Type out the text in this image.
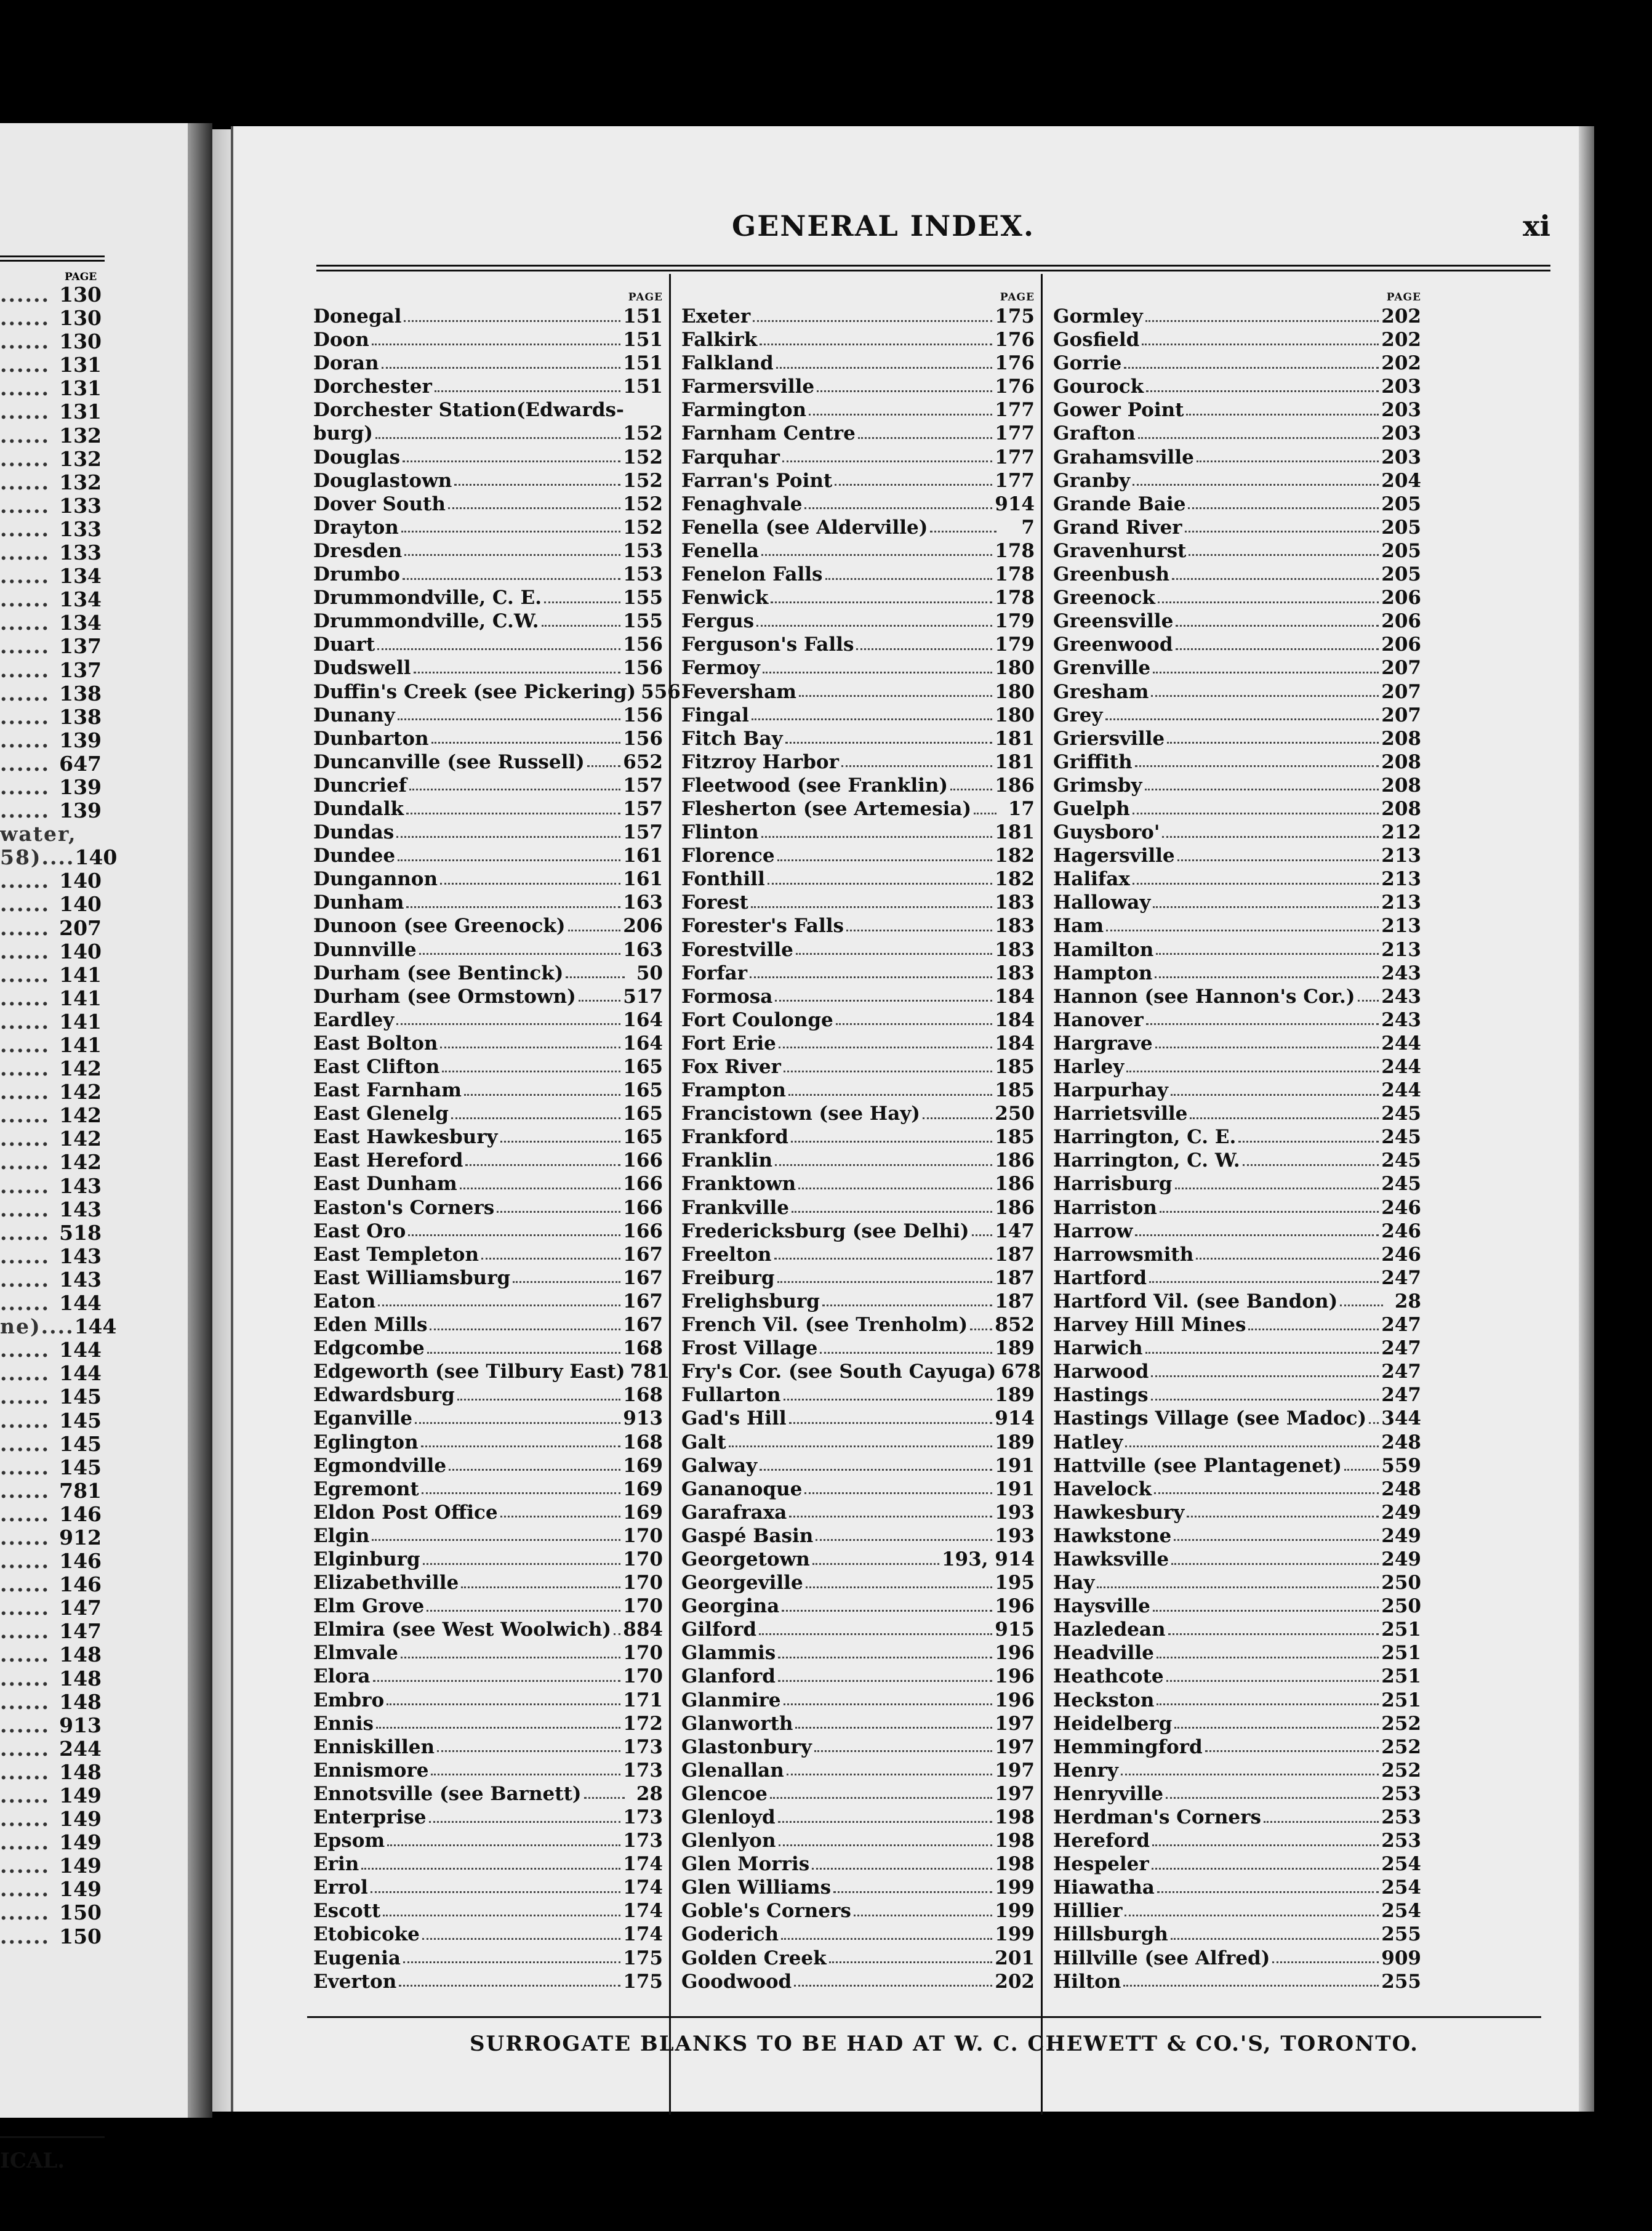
PAGE
...... 130
...... 130
...... 130
...... 131
...... 131
...... 131
...... 132
...... 132
...... 132
...... 133
...... 133
...... 133
...... 134
...... 134
...... 134
...... 137
...... 137
...... 138
...... 138
...... 139
...... 647
...... 139
...... 139
water,
58).... 140
...... 140
...... 140
...... 207
...... 140
...... 141
...... 141
...... 141
...... 141
...... 142
...... 142
...... 142
...... 142
...... 142
...... 143
...... 143
...... 518
...... 143
...... 143
...... 144
ne).... 144
...... 144
...... 144
...... 145
...... 145
...... 145
...... 145
...... 781
...... 146
...... 912
...... 146
...... 146
...... 147
...... 147
...... 148
...... 148
...... 148
...... 913
...... 244
...... 148
...... 149
...... 149
...... 149
...... 149
...... 149
...... 150
...... 150
ICAL.
GENERAL INDEX.	xi
PAGE
Donegal	151
Doon	151
Doran	151
Dorchester	151
Dorchester Station(Edwards-
burg)	152
Douglas	152
Douglastown	152
Dover South	152
Drayton	152
Dresden	153
Drumbo	153
Drummondville, C. E.	155
Drummondville, C.W.	155
Duart	156
Dudswell	156
Duffin's Creek (see Pickering) 556
Dunany	156
Dunbarton	156
Duncanville (see Russell) 652
Duncrief	157
Dundalk	157
Dundas	157
Dundee	161
Dungannon	161
Dunham	163
Dunoon (see Greenock)	206
Dunnville	163
Durham (see Bentinck)	50
Durham (see Ormstown) 517
Eardley	164
East Bolton	164
East Clifton	165
East Farnham	165
East Glenelg	165
East Hawkesbury	165
East Hereford	166
East Dunham	166
Easton's Corners	166
East Oro	166
East Templeton	167
East Williamsburg	167
Eaton	167
Eden Mills	167
Edgcombe	168
Edgeworth (see Tilbury East) 781
Edwardsburg	168
Eganville	913
Eglington	168
Egmondville	169
Egremont	169
Eldon Post Office	169
Elgin	170
Elginburg	170
Elizabethville	170
Elm Grove	170
Elmira (see West Woolwich) 884
Elmvale	170
Elora	170
Embro	171
Ennis	172
Enniskillen	173
Ennismore	173
Ennotsville (see Barnett)	28
Enterprise	173
Epsom	173
Erin	174
Errol	174
Escott	174
Etobicoke	174
Eugenia	175
Everton	175
PAGE
Exeter	175
Falkirk	176
Falkland	176
Farmersville	176
Farmington	177
Farnham Centre	177
Farquhar	177
Farran's Point	177
Fenaghvale	914
Fenella (see Alderville)	7
Fenella	178
Fenelon Falls	178
Fenwick	178
Fergus	179
Ferguson's Falls	179
Fermoy	180
Feversham	180
Fingal	180
Fitch Bay	181
Fitzroy Harbor	181
Fleetwood (see Franklin) 186
Flesherton (see Artemesia)	17
Flinton	181
Florence	182
Fonthill	182
Forest	183
Forester's Falls	183
Forestville	183
Forfar	183
Formosa	184
Fort Coulonge	184
Fort Erie	184
Fox River	185
Frampton	185
Francistown (see Hay)	250
Frankford	185
Franklin	186
Franktown	186
Frankville	186
Fredericksburg (see Delhi) 147
Freelton	187
Freiburg	187
Frelighsburg	187
French Vil. (see Trenholm) 852
Frost Village	189
Fry's Cor. (see South Cayuga) 678
Fullarton	189
Gad's Hill	914
Galt	189
Galway	191
Gananoque	191
Garafraxa	193
Gaspé Basin	193
Georgetown	193, 914
Georgeville	195
Georgina	196
Gilford	915
Glammis	196
Glanford	196
Glanmire	196
Glanworth	197
Glastonbury	197
Glenallan	197
Glencoe	197
Glenloyd	198
Glenlyon	198
Glen Morris	198
Glen Williams	199
Goble's Corners	199
Goderich	199
Golden Creek	201
Goodwood	202
PAGE
Gormley	202
Gosfield	202
Gorrie	202
Gourock	203
Gower Point	203
Grafton	203
Grahamsville	203
Granby	204
Grande Baie	205
Grand River	205
Gravenhurst	205
Greenbush	205
Greenock	206
Greensville	206
Greenwood	206
Grenville	207
Gresham	207
Grey	207
Griersville	208
Griffith	208
Grimsby	208
Guelph	208
Guysboro'	212
Hagersville	213
Halifax	213
Halloway	213
Ham	213
Hamilton	213
Hampton	243
Hannon (see Hannon's Cor.) 243
Hanover	243
Hargrave	244
Harley	244
Harpurhay	244
Harrietsville	245
Harrington, C. E.	245
Harrington, C. W.	245
Harrisburg	245
Harriston	246
Harrow	246
Harrowsmith	246
Hartford	247
Hartford Vil. (see Bandon)	28
Harvey Hill Mines	247
Harwich	247
Harwood	247
Hastings	247
Hastings Village (see Madoc) 344
Hatley	248
Hattville (see Plantagenet) 559
Havelock	248
Hawkesbury	249
Hawkstone	249
Hawksville	249
Hay	250
Haysville	250
Hazledean	251
Headville	251
Heathcote	251
Heckston	251
Heidelberg	252
Hemmingford	252
Henry	252
Henryville	253
Herdman's Corners	253
Hereford	253
Hespeler	254
Hiawatha	254
Hillier	254
Hillsburgh	255
Hillville (see Alfred)	909
Hilton	255
SURROGATE BLANKS TO BE HAD AT W. C. CHEWETT & CO.'S, TORONTO.
